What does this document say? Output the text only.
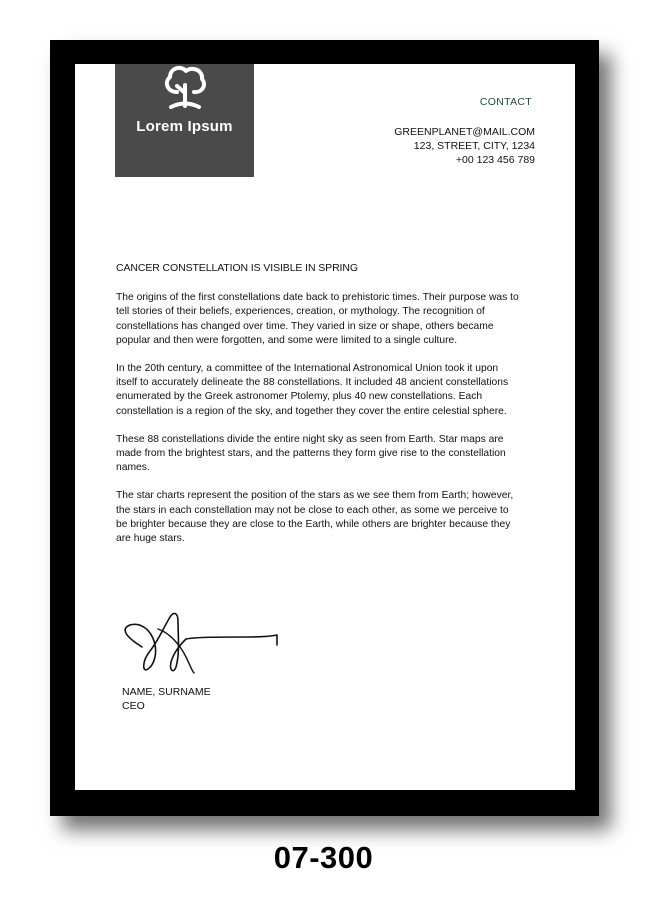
Lorem Ipsum
CONTACT
GREENPLANET@MAIL.COM
123, STREET, CITY, 1234
+00 123 456 789
CANCER CONSTELLATION IS VISIBLE IN SPRING

The origins of the first constellations date back to prehistoric times. Their purpose was to tell stories of their beliefs, experiences, creation, or mythology. The recognition of constellations has changed over time. They varied in size or shape, others became popular and then were forgotten, and some were limited to a single culture.

In the 20th century, a committee of the International Astronomical Union took it upon itself to accurately delineate the 88 constellations. It included 48 ancient constellations enumerated by the Greek astronomer Ptolemy, plus 40 new constellations. Each constellation is a region of the sky, and together they cover the entire celestial sphere.

These 88 constellations divide the entire night sky as seen from Earth. Star maps are made from the brightest stars, and the patterns they form give rise to the constellation names.

The star charts represent the position of the stars as we see them from Earth; however, the stars in each constellation may not be close to each other, as some we perceive to be brighter because they are close to the Earth, while others are brighter because they are huge stars.

NAME, SURNAME
CEO
07-300
